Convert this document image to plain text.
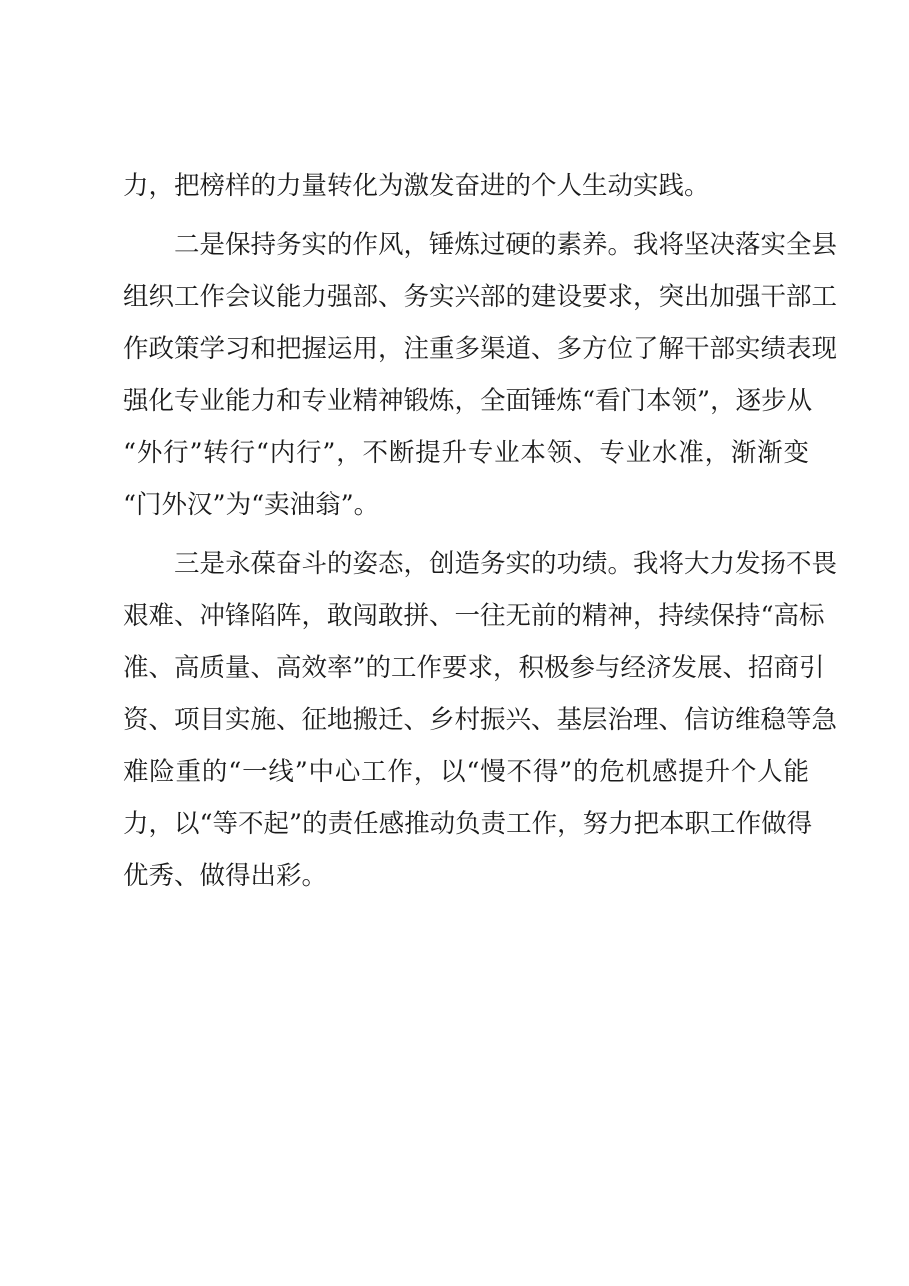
力，把榜样的力量转化为激发奋进的个人生动实践。
　　二是保持务实的作风，锤炼过硬的素养。我将坚决落实全县
组织工作会议能力强部、务实兴部的建设要求，突出加强干部工
作政策学习和把握运用，注重多渠道、多方位了解干部实绩表现
强化专业能力和专业精神锻炼，全面锤炼“看门本领”，逐步从
“外行”转行“内行”，不断提升专业本领、专业水准，渐渐变
“门外汉”为“卖油翁”。
　　三是永葆奋斗的姿态，创造务实的功绩。我将大力发扬不畏
艰难、冲锋陷阵，敢闯敢拼、一往无前的精神，持续保持“高标
准、高质量、高效率”的工作要求，积极参与经济发展、招商引
资、项目实施、征地搬迁、乡村振兴、基层治理、信访维稳等急
难险重的“一线”中心工作，以“慢不得”的危机感提升个人能
力，以“等不起”的责任感推动负责工作，努力把本职工作做得
优秀、做得出彩。
